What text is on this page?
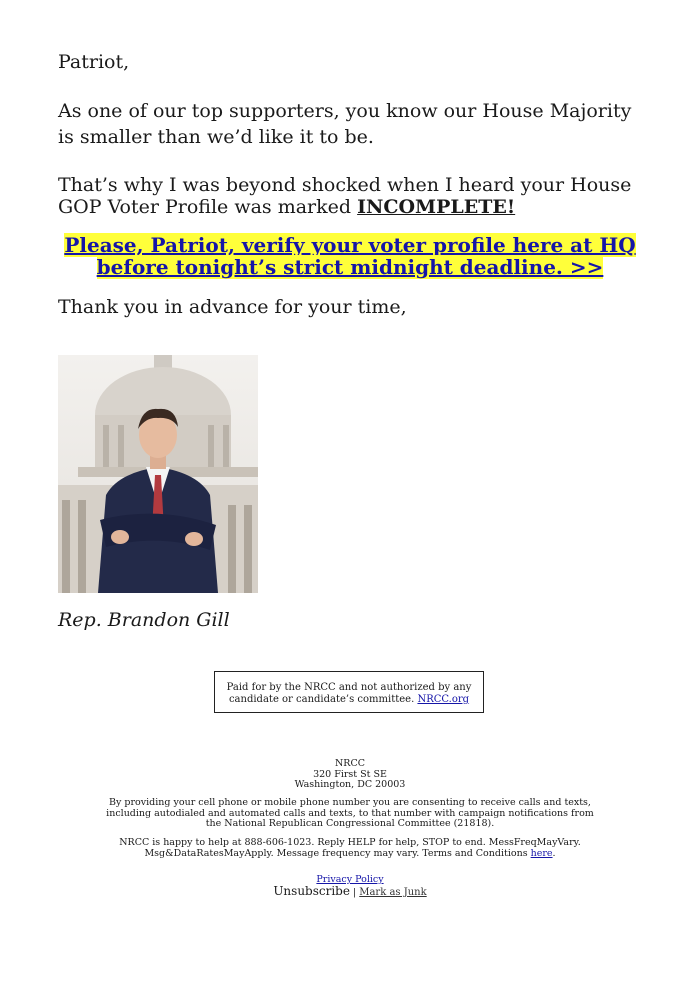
Patriot,

As one of our top supporters, you know our House Majority is smaller than we’d like it to be.

That’s why I was beyond shocked when I heard your House GOP Voter Profile was marked INCOMPLETE!

Please, Patriot, verify your voter profile here at HQ
before tonight’s strict midnight deadline. >>

Thank you in advance for your time,

Rep. Brandon Gill

Paid for by the NRCC and not authorized by any candidate or candidate’s committee. NRCC.org
NRCC
320 First St SE
Washington, DC 20003
By providing your cell phone or mobile phone number you are consenting to receive calls and texts, including autodialed and automated calls and texts, to that number with campaign notifications from the National Republican Congressional Committee (21818).
NRCC is happy to help at 888-606-1023. Reply HELP for help, STOP to end. MessFreqMayVary. Msg&DataRatesMayApply. Message frequency may vary. Terms and Conditions here.
Privacy Policy
Unsubscribe | Mark as Junk
